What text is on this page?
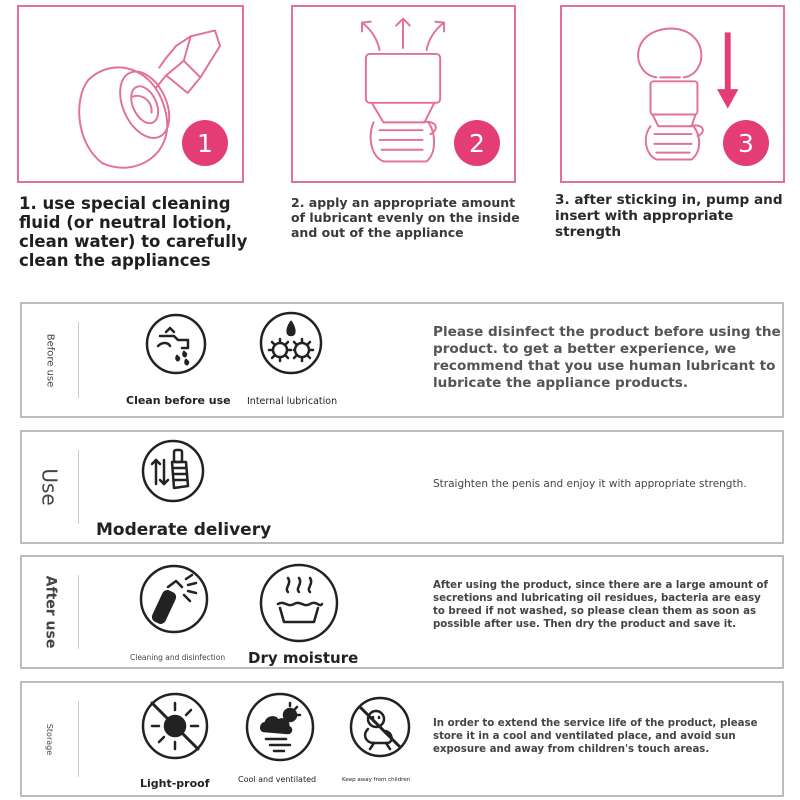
1	2	3
1. use special cleaning fluid (or neutral lotion, clean water) to carefully clean the appliances
2. apply an appropriate amount of lubricant evenly on the inside and out of the appliance
3. after sticking in, pump and insert with appropriate strength
Before use
Clean before use Internal lubrication
Please disinfect the product before using the product. to get a better experience, we recommend that you use human lubricant to lubricate the appliance products.
Use
Moderate delivery
Straighten the penis and enjoy it with appropriate strength.
After use
Cleaning and disinfection Dry moisture
After using the product, since there are a large amount of secretions and lubricating oil residues, bacteria are easy to breed if not washed, so please clean them as soon as possible after use. Then dry the product and save it.
Storage
Light-proof	Cool and ventilated	Keep away from children
In order to extend the service life of the product, please store it in a cool and ventilated place, and avoid sun exposure and away from children's touch areas.
